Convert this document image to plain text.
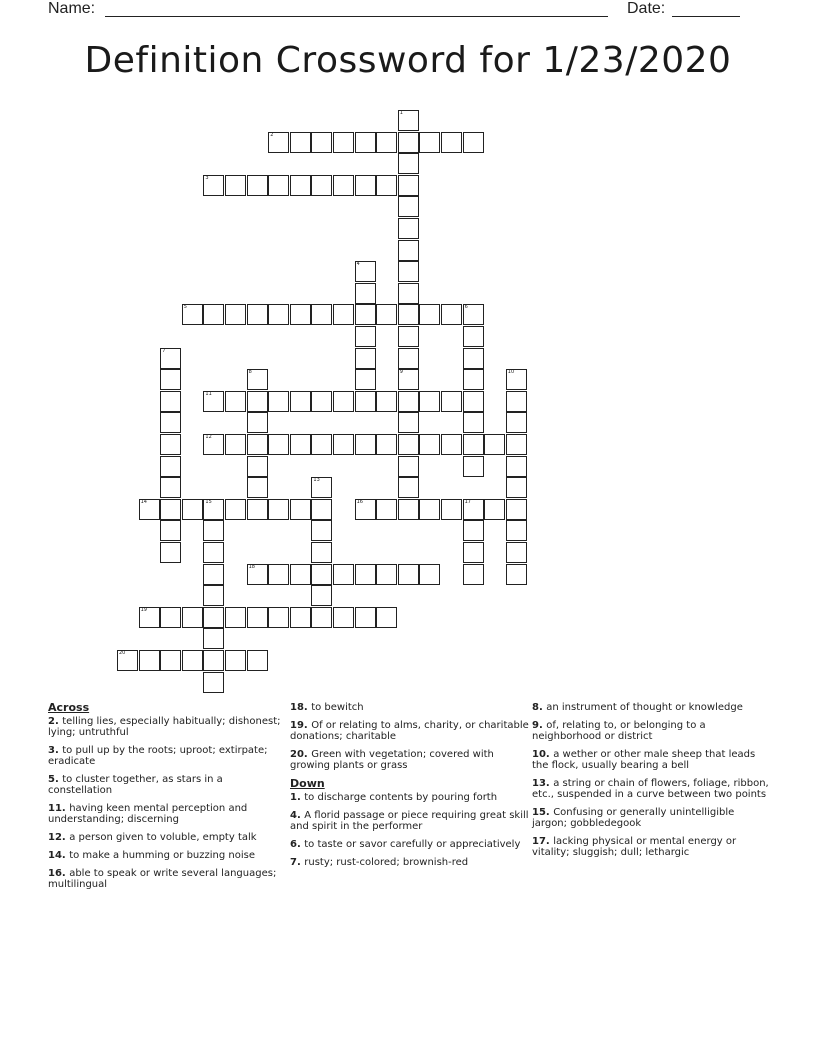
Name:	Date:
Definition Crossword for 1/23/2020
1
2
3
4
5	6
7
8	9	10
11
12
13
14	15	16	17
18
19
20
Across
2. telling lies, especially habitually; dishonest; lying; untruthful
3. to pull up by the roots; uproot; extirpate; eradicate
5. to cluster together, as stars in a constellation
11. having keen mental perception and understanding; discerning
12. a person given to voluble, empty talk
14. to make a humming or buzzing noise
16. able to speak or write several languages; multilingual
18. to bewitch
19. Of or relating to alms, charity, or charitable donations; charitable
20. Green with vegetation; covered with growing plants or grass
Down
1. to discharge contents by pouring forth
4. A florid passage or piece requiring great skill and spirit in the performer
6. to taste or savor carefully or appreciatively
7. rusty; rust-colored; brownish-red
8. an instrument of thought or knowledge
9. of, relating to, or belonging to a neighborhood or district
10. a wether or other male sheep that leads the flock, usually bearing a bell
13. a string or chain of flowers, foliage, ribbon, etc., suspended in a curve between two points
15. Confusing or generally unintelligible jargon; gobbledegook
17. lacking physical or mental energy or vitality; sluggish; dull; lethargic
